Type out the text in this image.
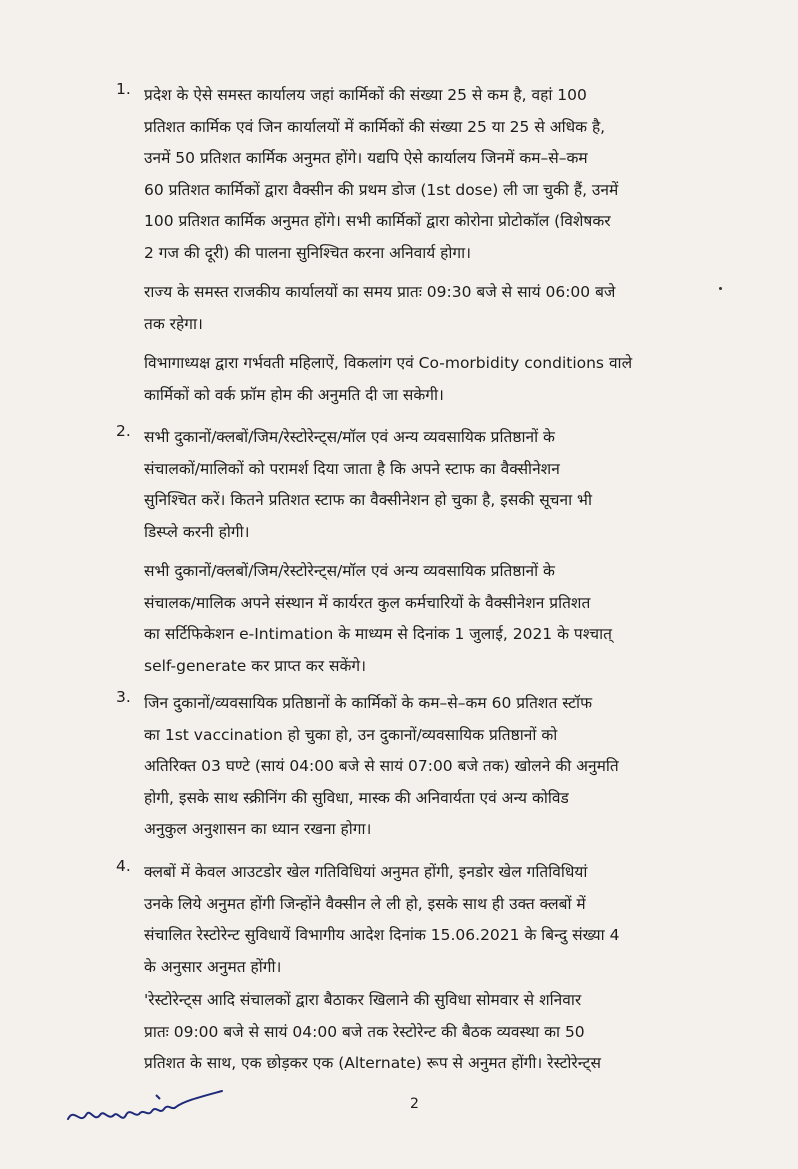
1. प्रदेश के ऐसे समस्त कार्यालय जहां कार्मिकों की संख्या 25 से कम है, वहां 100
प्रतिशत कार्मिक एवं जिन कार्यालयों में कार्मिकों की संख्या 25 या 25 से अधिक है,
उनमें 50 प्रतिशत कार्मिक अनुमत होंगे। यद्यपि ऐसे कार्यालय जिनमें कम–से–कम
60 प्रतिशत कार्मिकों द्वारा वैक्सीन की प्रथम डोज (1st dose) ली जा चुकी हैं, उनमें
100 प्रतिशत कार्मिक अनुमत होंगे। सभी कार्मिकों द्वारा कोरोना प्रोटोकॉल (विशेषकर
2 गज की दूरी) की पालना सुनिश्चित करना अनिवार्य होगा।

राज्य के समस्त राजकीय कार्यालयों का समय प्रातः 09:30 बजे से सायं 06:00 बजे
तक रहेगा।

विभागाध्यक्ष द्वारा गर्भवती महिलाऐं, विकलांग एवं Co-morbidity conditions वाले
कार्मिकों को वर्क फ्रॉम होम की अनुमति दी जा सकेगी।

2. सभी दुकानों/क्लबों/जिम/रेस्टोरेन्ट्स/मॉल एवं अन्य व्यवसायिक प्रतिष्ठानों के
संचालकों/मालिकों को परामर्श दिया जाता है कि अपने स्टाफ का वैक्सीनेशन
सुनिश्चित करें। कितने प्रतिशत स्टाफ का वैक्सीनेशन हो चुका है, इसकी सूचना भी
डिस्प्ले करनी होगी।

सभी दुकानों/क्लबों/जिम/रेस्टोरेन्ट्स/मॉल एवं अन्य व्यवसायिक प्रतिष्ठानों के
संचालक/मालिक अपने संस्थान में कार्यरत कुल कर्मचारियों के वैक्सीनेशन प्रतिशत
का सर्टिफिकेशन e-Intimation के माध्यम से दिनांक 1 जुलाई, 2021 के पश्चात्
self-generate कर प्राप्त कर सकेंगे।

3. जिन दुकानों/व्यवसायिक प्रतिष्ठानों के कार्मिकों के कम–से–कम 60 प्रतिशत स्टॉफ
का 1st vaccination हो चुका हो, उन दुकानों/व्यवसायिक प्रतिष्ठानों को
अतिरिक्त 03 घण्टे (सायं 04:00 बजे से सायं 07:00 बजे तक) खोलने की अनुमति
होगी, इसके साथ स्क्रीनिंग की सुविधा, मास्क की अनिवार्यता एवं अन्य कोविड
अनुकुल अनुशासन का ध्यान रखना होगा।

4. क्लबों में केवल आउटडोर खेल गतिविधियां अनुमत होंगी, इनडोर खेल गतिविधियां
उनके लिये अनुमत होंगी जिन्होंने वैक्सीन ले ली हो, इसके साथ ही उक्त क्लबों में
संचालित रेस्टोरेन्ट सुविधायें विभागीय आदेश दिनांक 15.06.2021 के बिन्दु संख्या 4
के अनुसार अनुमत होंगी।

'रेस्टोरेन्ट्स आदि संचालकों द्वारा बैठाकर खिलाने की सुविधा सोमवार से शनिवार
प्रातः 09:00 बजे से सायं 04:00 बजे तक रेस्टोरेन्ट की बैठक व्यवस्था का 50
प्रतिशत के साथ, एक छोड़कर एक (Alternate) रूप से अनुमत होंगी। रेस्टोरेन्ट्स

2
